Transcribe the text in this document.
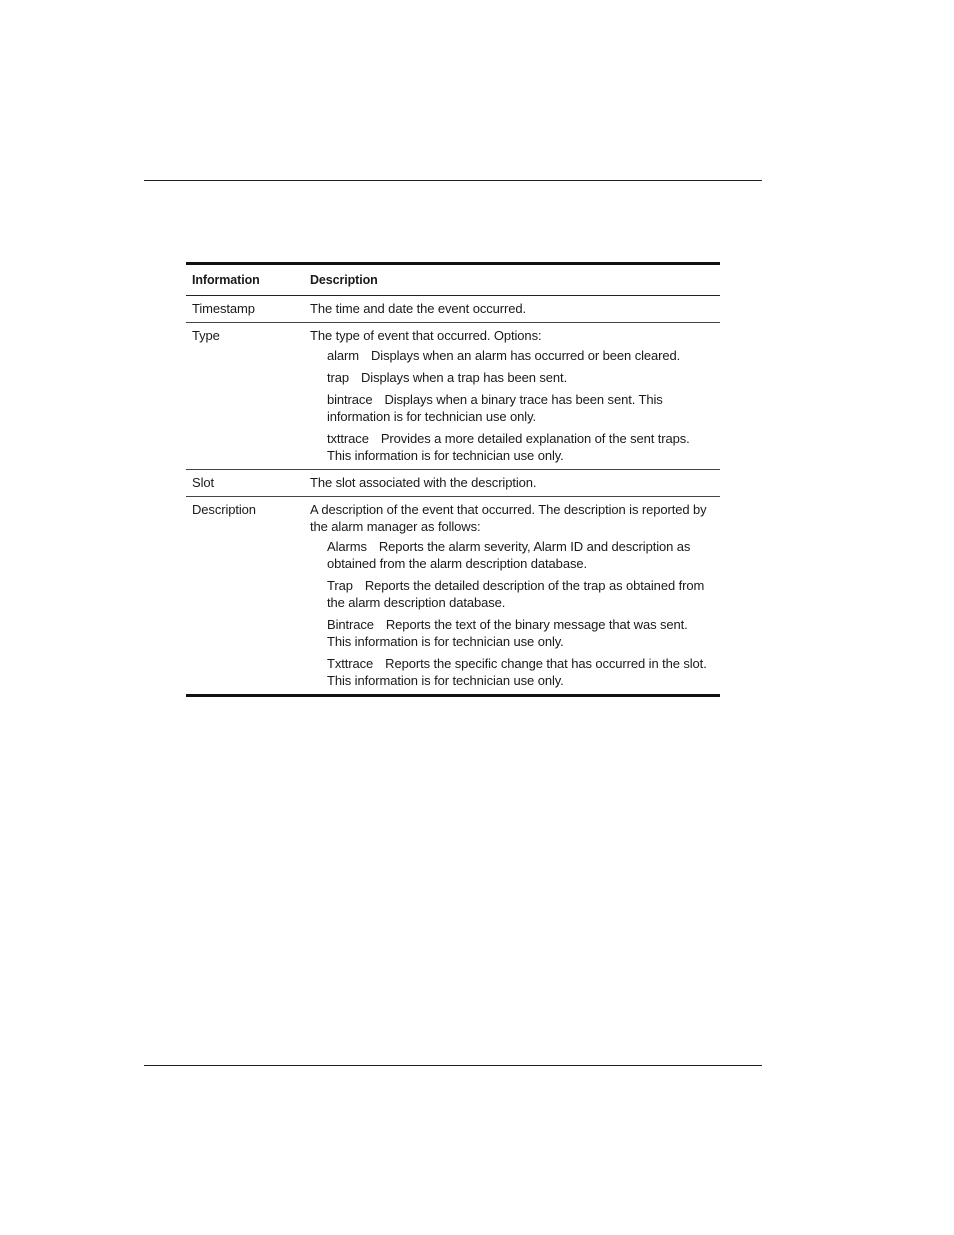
Information	Description
Timestamp	The time and date the event occurred.
Type	The type of event that occurred. Options:
alarm Displays when an alarm has occurred or been cleared.
trap Displays when a trap has been sent.
bintrace Displays when a binary trace has been sent. This information is for technician use only.
txttrace Provides a more detailed explanation of the sent traps. This information is for technician use only.
Slot	The slot associated with the description.
Description	A description of the event that occurred. The description is reported by the alarm manager as follows:
Alarms Reports the alarm severity, Alarm ID and description as obtained from the alarm description database.
Trap Reports the detailed description of the trap as obtained from the alarm description database.
Bintrace Reports the text of the binary message that was sent. This information is for technician use only.
Txttrace Reports the specific change that has occurred in the slot. This information is for technician use only.
